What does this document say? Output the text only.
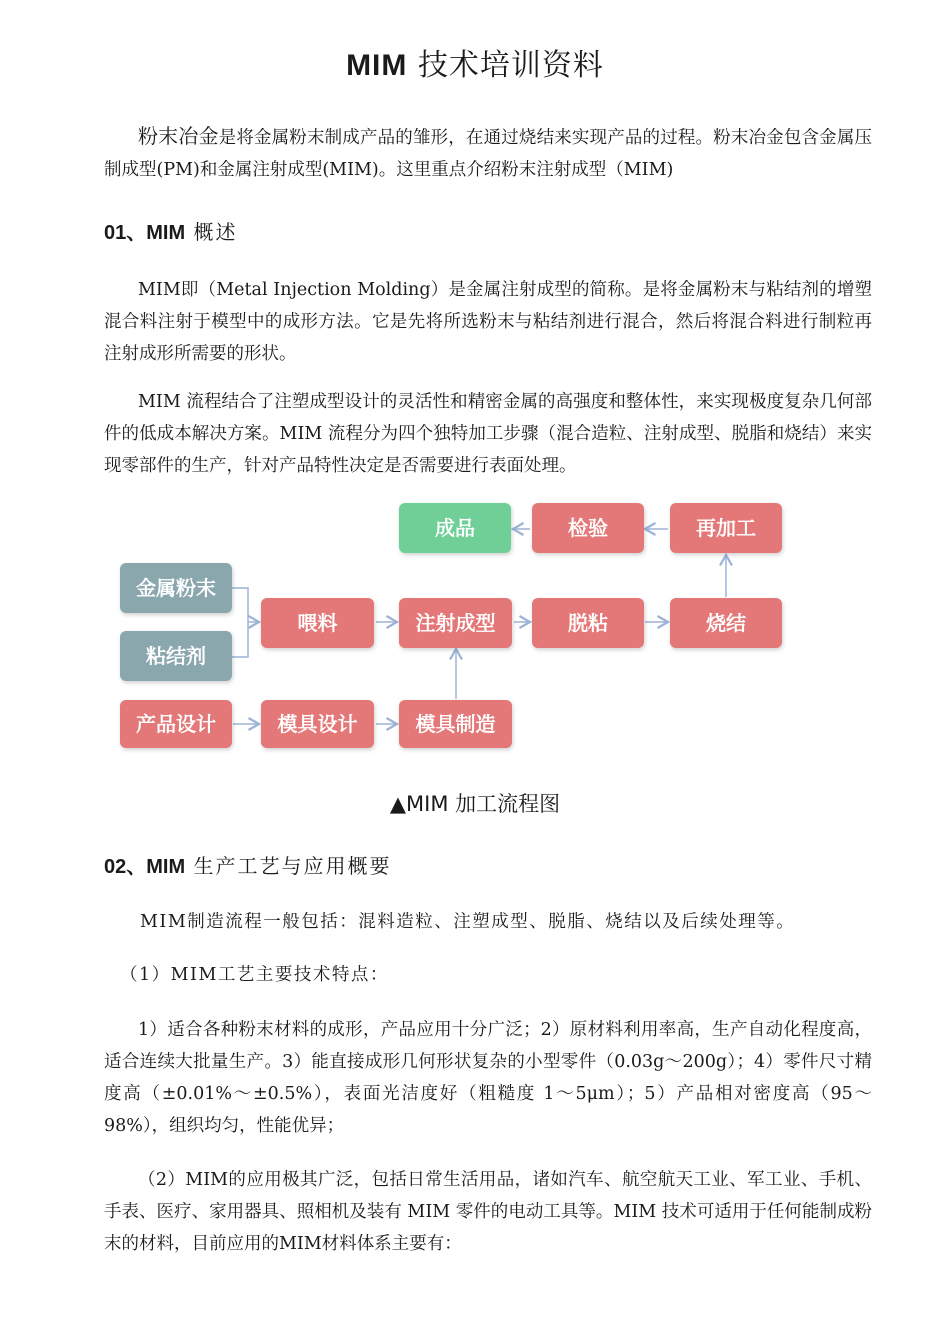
MIM 技术培训资料

粉末冶金是将金属粉末制成产品的雏形，在通过烧结来实现产品的过程。粉末冶金包含金属压制成型(PM)和金属注射成型(MIM)。这里重点介绍粉末注射成型（MIM)

01、MIM 概述

MIM即（Metal Injection Molding）是金属注射成型的简称。是将金属粉末与粘结剂的增塑混合料注射于模型中的成形方法。它是先将所选粉末与粘结剂进行混合，然后将混合料进行制粒再注射成形所需要的形状。

MIM 流程结合了注塑成型设计的灵活性和精密金属的高强度和整体性，来实现极度复杂几何部件的低成本解决方案。MIM 流程分为四个独特加工步骤（混合造粒、注射成型、脱脂和烧结）来实现零部件的生产，针对产品特性决定是否需要进行表面处理。

成品	检验	再加工
金属粉末
粘结剂
喂料	注射成型	脱粘	烧结
产品设计	模具设计	模具制造
▲MIM 加工流程图

02、MIM 生产工艺与应用概要

MIM制造流程一般包括：混料造粒、注塑成型、脱脂、烧结以及后续处理等。

（1）MIM工艺主要技术特点：

1）适合各种粉末材料的成形，产品应用十分广泛；2）原材料利用率高，生产自动化程度高，适合连续大批量生产。3）能直接成形几何形状复杂的小型零件（0.03g～200g）；4）零件尺寸精度高（±0.01%～±0.5%），表面光洁度好（粗糙度 1～5μm）；5）产品相对密度高（95～98%），组织均匀，性能优异；

（2）MIM的应用极其广泛，包括日常生活用品，诸如汽车、航空航天工业、军工业、手机、手表、医疗、家用器具、照相机及装有 MIM 零件的电动工具等。MIM 技术可适用于任何能制成粉末的材料，目前应用的MIM材料体系主要有：
